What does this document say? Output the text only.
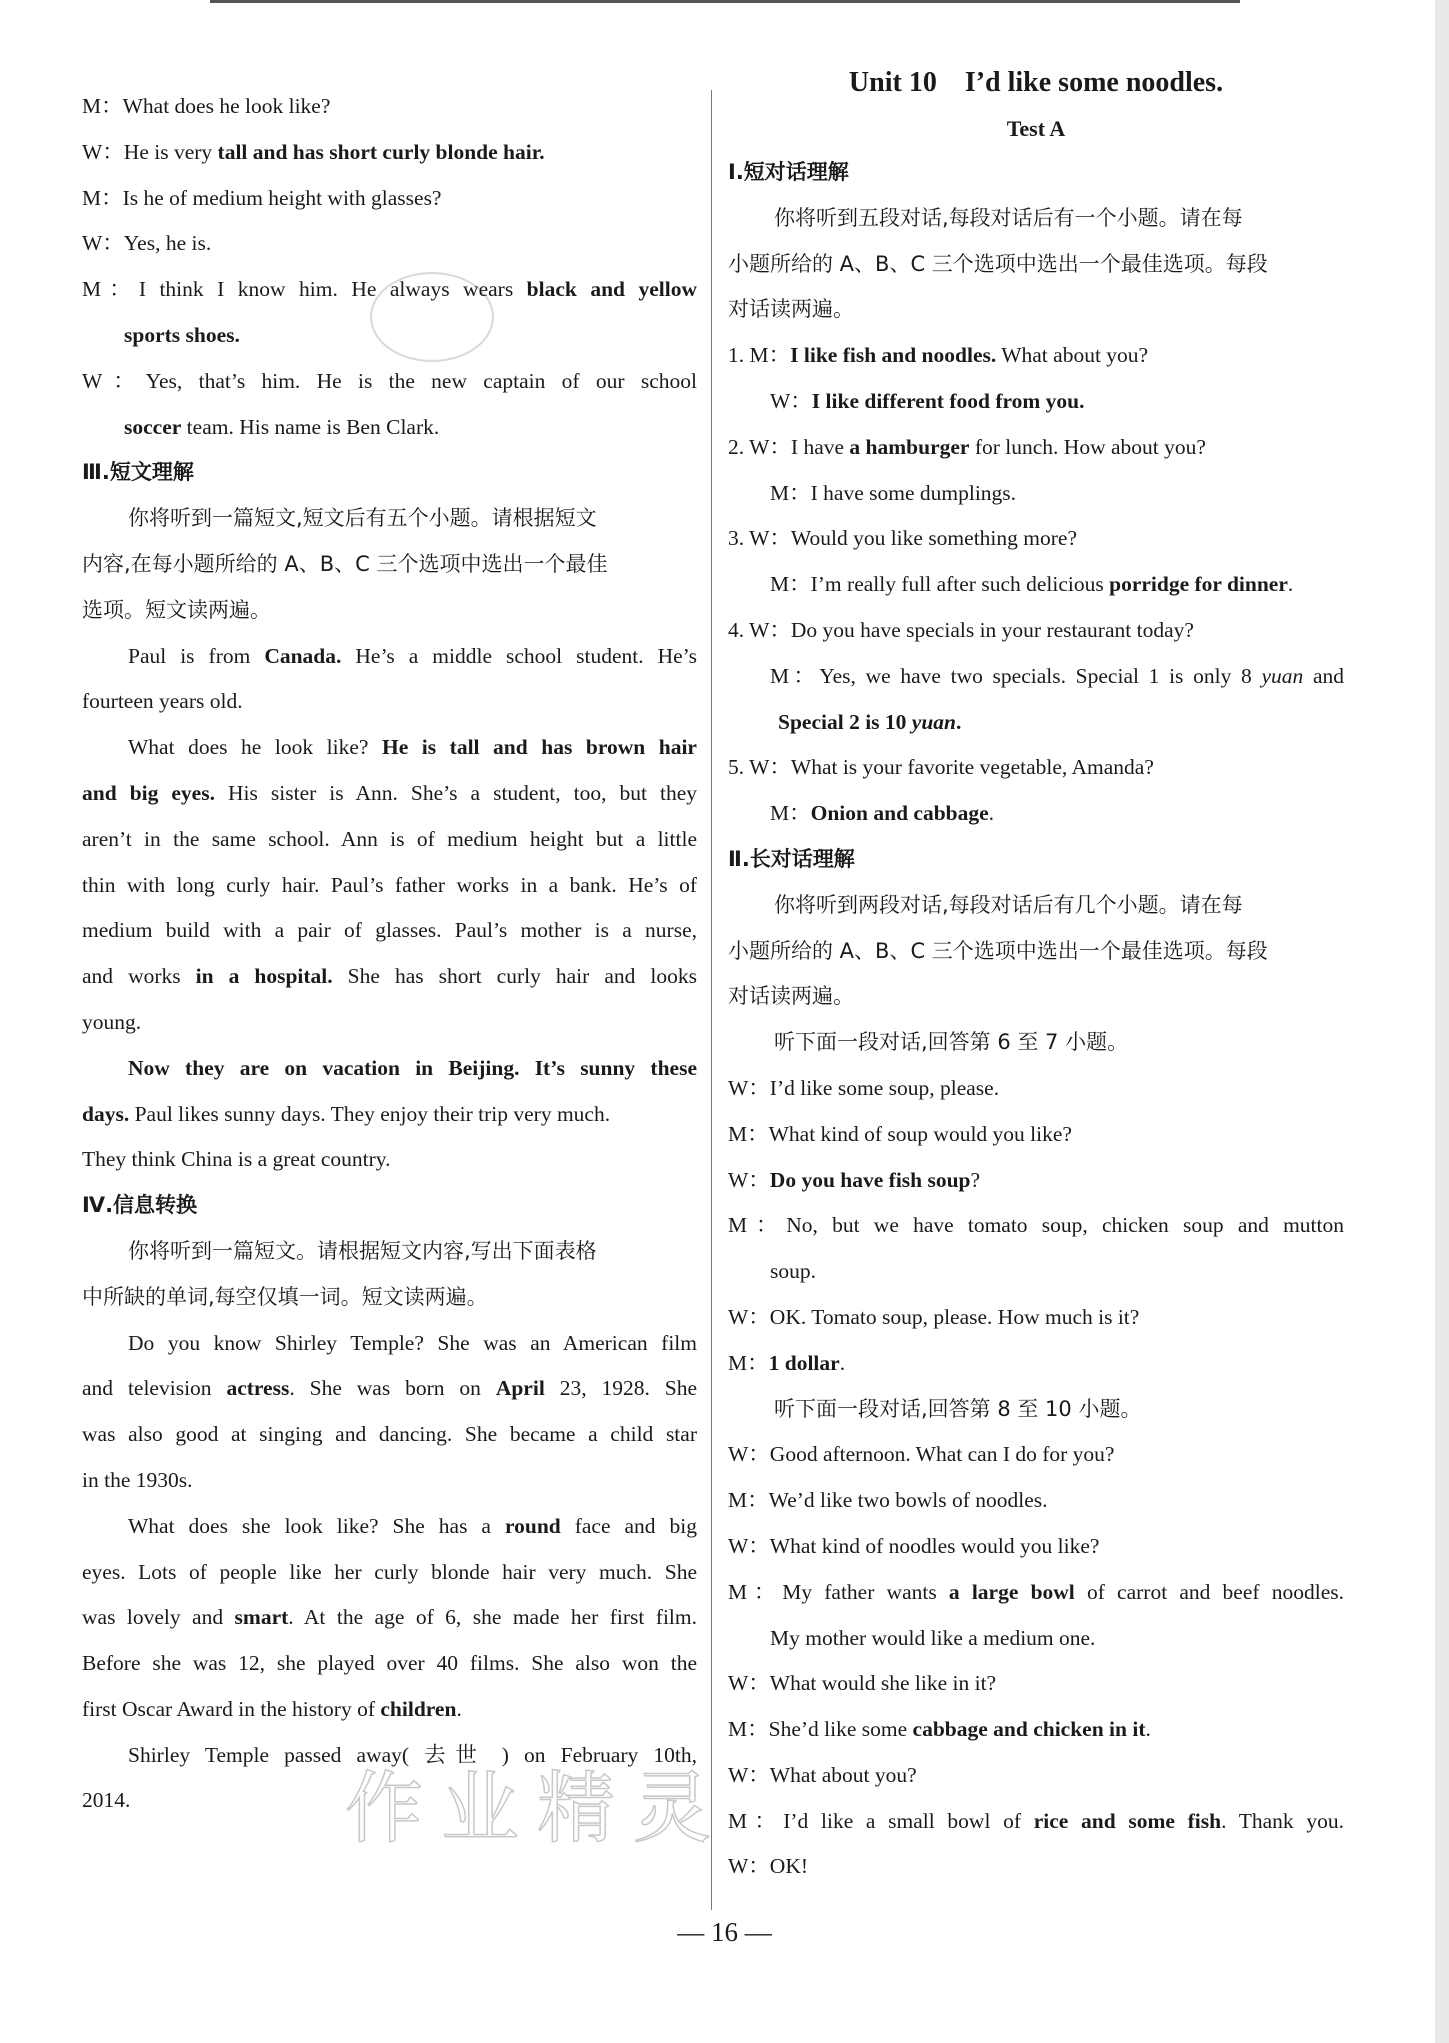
M：What does he look like?
W：He is very tall and has short curly blonde hair.
M：Is he of medium height with glasses?
W：Yes, he is.
M：I think I know him. He always wears black and yellow
sports shoes.
W：Yes, that’s him. He is the new captain of our school
soccer team. His name is Ben Clark.
Ⅲ.短文理解
你将听到一篇短文,短文后有五个小题。请根据短文
内容,在每小题所给的 A、B、C 三个选项中选出一个最佳
选项。短文读两遍。
Paul is from Canada. He’s a middle school student. He’s
fourteen years old.
What does he look like? He is tall and has brown hair
and big eyes. His sister is Ann. She’s a student, too, but they
aren’t in the same school. Ann is of medium height but a little
thin with long curly hair. Paul’s father works in a bank. He’s of
medium build with a pair of glasses. Paul’s mother is a nurse,
and works in a hospital. She has short curly hair and looks
young.
Now they are on vacation in Beijing. It’s sunny these
days. Paul likes sunny days. They enjoy their trip very much.
They think China is a great country.
Ⅳ.信息转换
你将听到一篇短文。请根据短文内容,写出下面表格
中所缺的单词,每空仅填一词。短文读两遍。
Do you know Shirley Temple? She was an American film
and television actress. She was born on April 23, 1928. She
was also good at singing and dancing. She became a child star
in the 1930s.
What does she look like? She has a round face and big
eyes. Lots of people like her curly blonde hair very much. She
was lovely and smart. At the age of 6, she made her first film.
Before she was 12, she played over 40 films. She also won the
first Oscar Award in the history of children.
Shirley Temple passed away( 去世 ) on February 10th,
2014.
Unit 10    I’d like some noodles.
Test A
Ⅰ.短对话理解
你将听到五段对话,每段对话后有一个小题。请在每
小题所给的 A、B、C 三个选项中选出一个最佳选项。每段
对话读两遍。
1. M：I like fish and noodles. What about you?
W：I like different food from you.
2. W：I have a hamburger for lunch. How about you?
M：I have some dumplings.
3. W：Would you like something more?
M：I’m really full after such delicious porridge for dinner.
4. W：Do you have specials in your restaurant today?
M：Yes, we have two specials. Special 1 is only 8 yuan and
Special 2 is 10 yuan.
5. W：What is your favorite vegetable, Amanda?
M：Onion and cabbage.
Ⅱ.长对话理解
你将听到两段对话,每段对话后有几个小题。请在每
小题所给的 A、B、C 三个选项中选出一个最佳选项。每段
对话读两遍。
听下面一段对话,回答第 6 至 7 小题。
W：I’d like some soup, please.
M：What kind of soup would you like?
W：Do you have fish soup?
M：No, but we have tomato soup, chicken soup and mutton
soup.
W：OK. Tomato soup, please. How much is it?
M：1 dollar.
听下面一段对话,回答第 8 至 10 小题。
W：Good afternoon. What can I do for you?
M：We’d like two bowls of noodles.
W：What kind of noodles would you like?
M：My father wants a large bowl of carrot and beef noodles.
My mother would like a medium one.
W：What would she like in it?
M：She’d like some cabbage and chicken in it.
W：What about you?
M：I’d like a small bowl of rice and some fish. Thank you.
W：OK!
作业精灵
— 16 —
